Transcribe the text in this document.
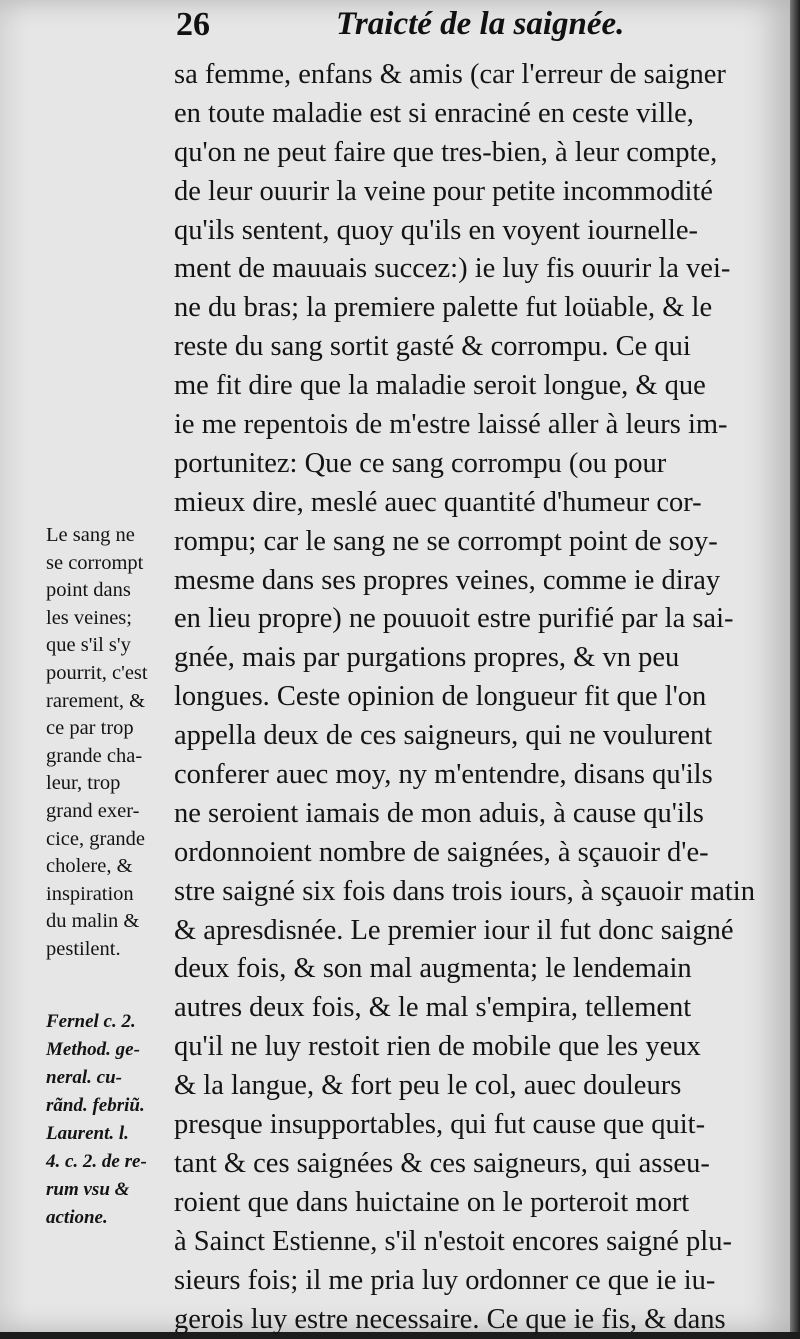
26	Traicté de la saignée.
Le sang ne
se corrompt
point dans
les veines;
que s'il s'y
pourrit, c'est
rarement, &
ce par trop
grande cha-
leur, trop
grand exer-
cice, grande
cholere, &
inspiration
du malin &
pestilent.
Fernel c. 2.
Method. ge-
neral. cu-
rãnd. febriũ.
Laurent. l.
4. c. 2. de re-
rum vsu &
actione.
sa femme, enfans & amis (car l'erreur de saigner
en toute maladie est si enraciné en ceste ville,
qu'on ne peut faire que tres-bien, à leur compte,
de leur ouurir la veine pour petite incommodité
qu'ils sentent, quoy qu'ils en voyent iournelle-
ment de mauuais succez:) ie luy fis ouurir la vei-
ne du bras; la premiere palette fut loüable, & le
reste du sang sortit gasté & corrompu. Ce qui
me fit dire que la maladie seroit longue, & que
ie me repentois de m'estre laissé aller à leurs im-
portunitez: Que ce sang corrompu (ou pour
mieux dire, meslé auec quantité d'humeur cor-
rompu; car le sang ne se corrompt point de soy-
mesme dans ses propres veines, comme ie diray
en lieu propre) ne pouuoit estre purifié par la sai-
gnée, mais par purgations propres, & vn peu
longues. Ceste opinion de longueur fit que l'on
appella deux de ces saigneurs, qui ne voulurent
conferer auec moy, ny m'entendre, disans qu'ils
ne seroient iamais de mon aduis, à cause qu'ils
ordonnoient nombre de saignées, à sçauoir d'e-
stre saigné six fois dans trois iours, à sçauoir matin
& apresdisnée. Le premier iour il fut donc saigné
deux fois, & son mal augmenta; le lendemain
autres deux fois, & le mal s'empira, tellement
qu'il ne luy restoit rien de mobile que les yeux
& la langue, & fort peu le col, auec douleurs
presque insupportables, qui fut cause que quit-
tant & ces saignées & ces saigneurs, qui asseu-
roient que dans huictaine on le porteroit mort
à Sainct Estienne, s'il n'estoit encores saigné plu-
sieurs fois; il me pria luy ordonner ce que ie iu-
gerois luy estre necessaire. Ce que ie fis, & dans
